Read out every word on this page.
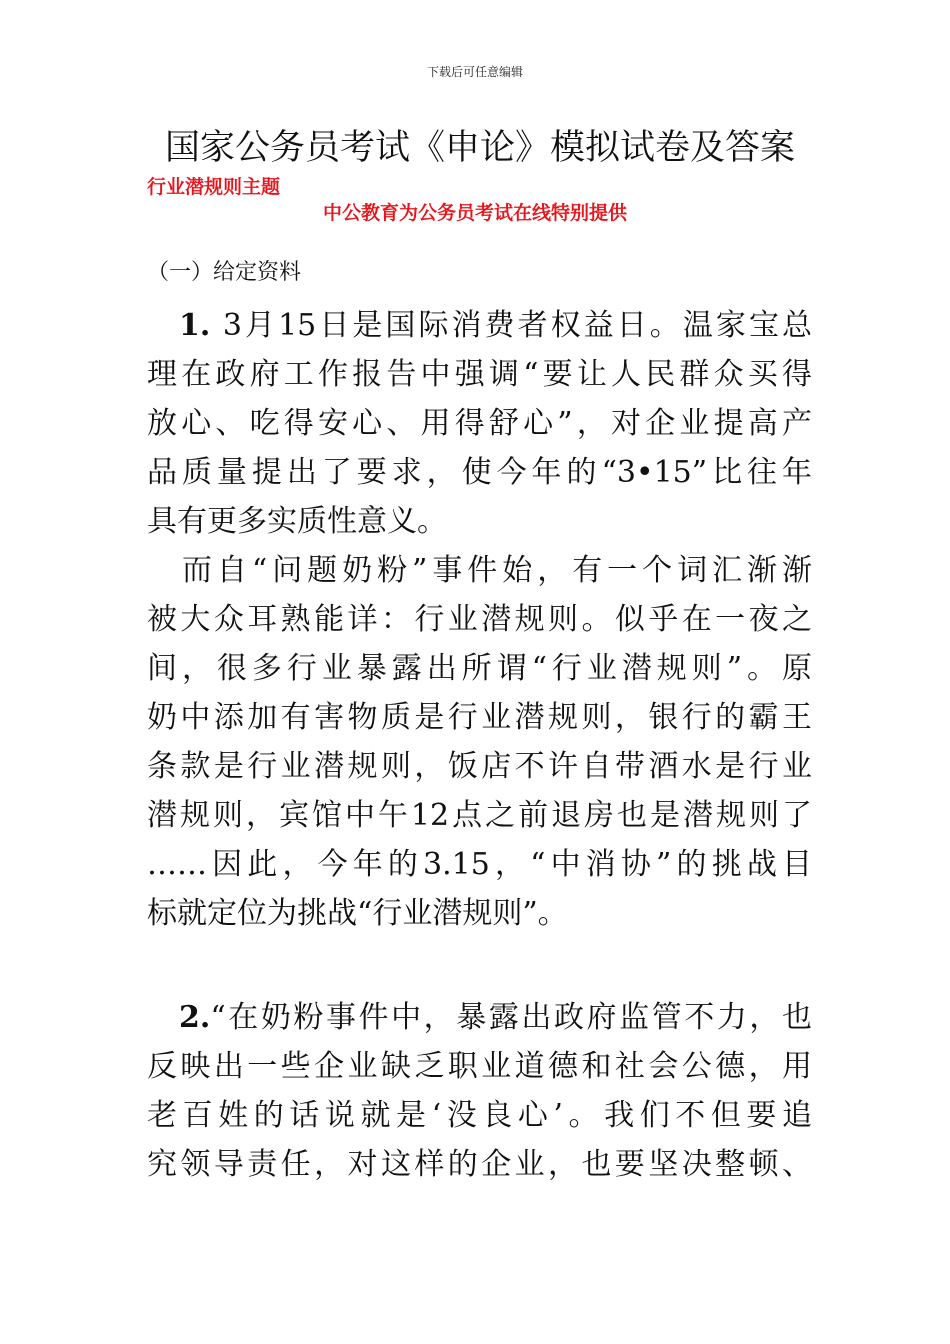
下载后可任意编辑
国家公务员考试《申论》模拟试卷及答案
行业潜规则主题
中公教育为公务员考试在线特别提供
（一）给定资料
1. 3月15日是国际消费者权益日。温家宝总
理在政府工作报告中强调“要让人民群众买得
放心、吃得安心、用得舒心”，对企业提高产
品质量提出了要求，使今年的“3•15”比往年
具有更多实质性意义。
　而自“问题奶粉”事件始，有一个词汇渐渐
被大众耳熟能详：行业潜规则。似乎在一夜之
间，很多行业暴露出所谓“行业潜规则”。原
奶中添加有害物质是行业潜规则，银行的霸王
条款是行业潜规则，饭店不许自带酒水是行业
潜规则，宾馆中午12点之前退房也是潜规则了
……因此，今年的3.15，“中消协”的挑战目
标就定位为挑战“行业潜规则”。
2.“在奶粉事件中，暴露出政府监管不力，也
反映出一些企业缺乏职业道德和社会公德，用
老百姓的话说就是‘没良心’。我们不但要追
究领导责任，对这样的企业，也要坚决整顿、
